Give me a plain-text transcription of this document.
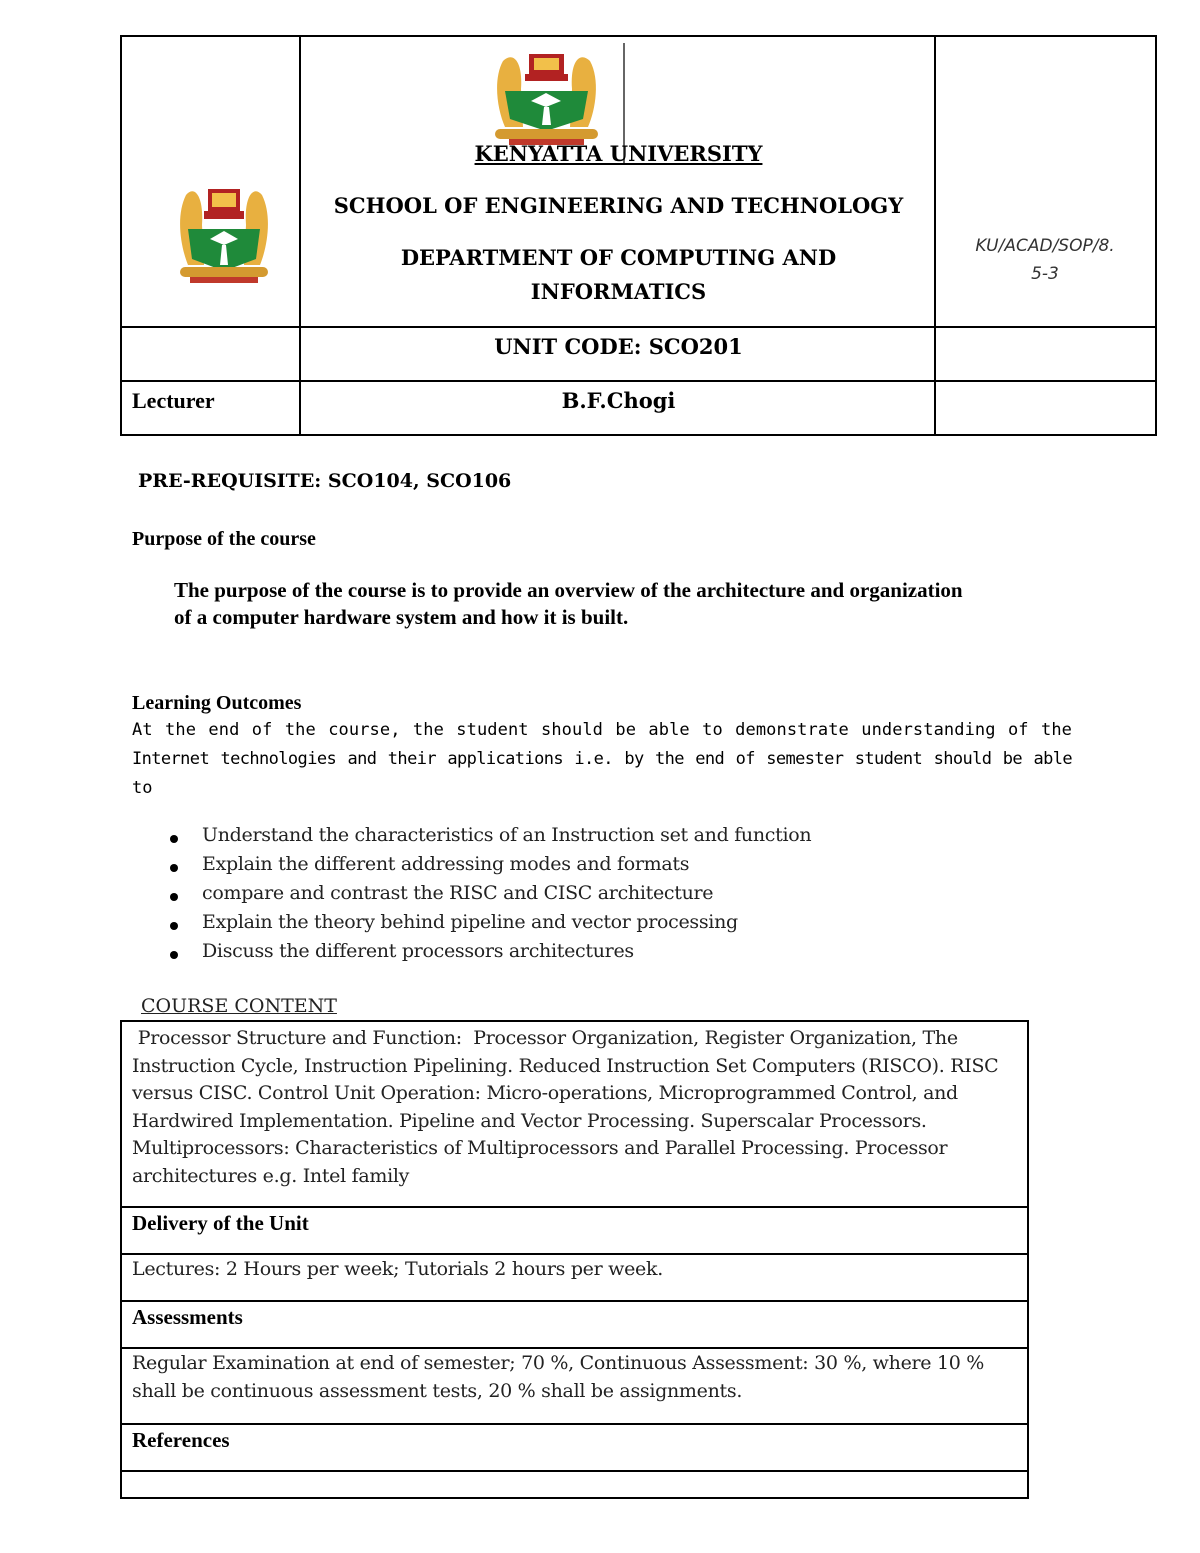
KENYATTA UNIVERSITY
SCHOOL OF ENGINEERING AND TECHNOLOGY
DEPARTMENT OF COMPUTING AND
INFORMATICS
KU/ACAD/SOP/8.
5-3
UNIT CODE: SCO201
Lecturer	B.F.Chogi
PRE-REQUISITE: SCO104, SCO106
Purpose of the course
The purpose of the course is to provide an overview of the architecture and organization
of a computer hardware system and how it is built.
Learning Outcomes
At the end of the course, the student should be able to demonstrate understanding of the
Internet technologies and their applications i.e. by the end of semester student should be able
to
Understand the characteristics of an Instruction set and function
Explain the different addressing modes and formats
compare and contrast the RISC and CISC architecture
Explain the theory behind pipeline and vector processing
Discuss the different processors architectures
COURSE CONTENT
Processor Structure and Function:  Processor Organization, Register Organization, The
Instruction Cycle, Instruction Pipelining. Reduced Instruction Set Computers (RISCO). RISC
versus CISC. Control Unit Operation: Micro-operations, Microprogrammed Control, and
Hardwired Implementation. Pipeline and Vector Processing. Superscalar Processors.
Multiprocessors: Characteristics of Multiprocessors and Parallel Processing. Processor
architectures e.g. Intel family
Delivery of the Unit
Lectures: 2 Hours per week; Tutorials 2 hours per week.
Assessments
Regular Examination at end of semester; 70 %, Continuous Assessment: 30 %, where 10 %
shall be continuous assessment tests, 20 % shall be assignments.
References
